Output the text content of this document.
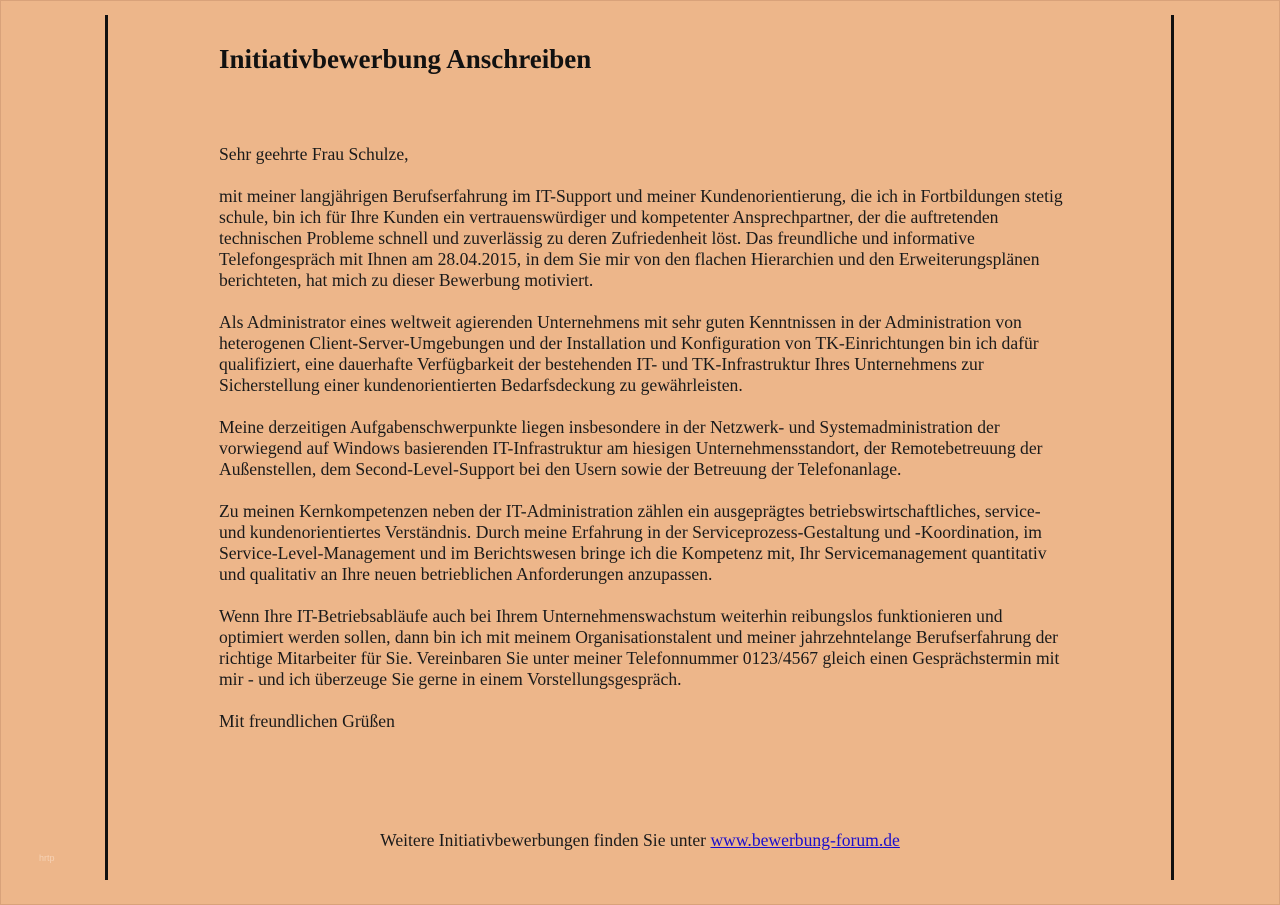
Initiativbewerbung Anschreiben

Sehr geehrte Frau Schulze,

mit meiner langjährigen Berufserfahrung im IT-Support und meiner Kundenorientierung, die ich in Fortbildungen stetig schule, bin ich für Ihre Kunden ein vertrauenswürdiger und kompetenter Ansprechpartner, der die auftretenden technischen Probleme schnell und zuverlässig zu deren Zufriedenheit löst. Das freundliche und informative Telefongespräch mit Ihnen am 28.04.2015, in dem Sie mir von den flachen Hierarchien und den Erweiterungsplänen berichteten, hat mich zu dieser Bewerbung motiviert.

Als Administrator eines weltweit agierenden Unternehmens mit sehr guten Kenntnissen in der Administration von heterogenen Client-Server-Umgebungen und der Installation und Konfiguration von TK-Einrichtungen bin ich dafür qualifiziert, eine dauerhafte Verfügbarkeit der bestehenden IT- und TK-Infrastruktur Ihres Unternehmens zur Sicherstellung einer kundenorientierten Bedarfsdeckung zu gewährleisten.

Meine derzeitigen Aufgabenschwerpunkte liegen insbesondere in der Netzwerk- und Systemadministration der vorwiegend auf Windows basierenden IT-Infrastruktur am hiesigen Unternehmensstandort, der Remotebetreuung der Außenstellen, dem Second-Level-Support bei den Usern sowie der Betreuung der Telefonanlage.

Zu meinen Kernkompetenzen neben der IT-Administration zählen ein ausgeprägtes betriebswirtschaftliches, service- und kundenorientiertes Verständnis. Durch meine Erfahrung in der Serviceprozess-Gestaltung und -Koordination, im Service-Level-Management und im Berichtswesen bringe ich die Kompetenz mit, Ihr Servicemanagement quantitativ und qualitativ an Ihre neuen betrieblichen Anforderungen anzupassen.

Wenn Ihre IT-Betriebsabläufe auch bei Ihrem Unternehmenswachstum weiterhin reibungslos funktionieren und optimiert werden sollen, dann bin ich mit meinem Organisationstalent und meiner jahrzehntelange Berufserfahrung der richtige Mitarbeiter für Sie. Vereinbaren Sie unter meiner Telefonnummer 0123/4567 gleich einen Gesprächstermin mit mir - und ich überzeuge Sie gerne in einem Vorstellungsgespräch.

Mit freundlichen Grüßen

Weitere Initiativbewerbungen finden Sie unter www.bewerbung-forum.de
hrtp
